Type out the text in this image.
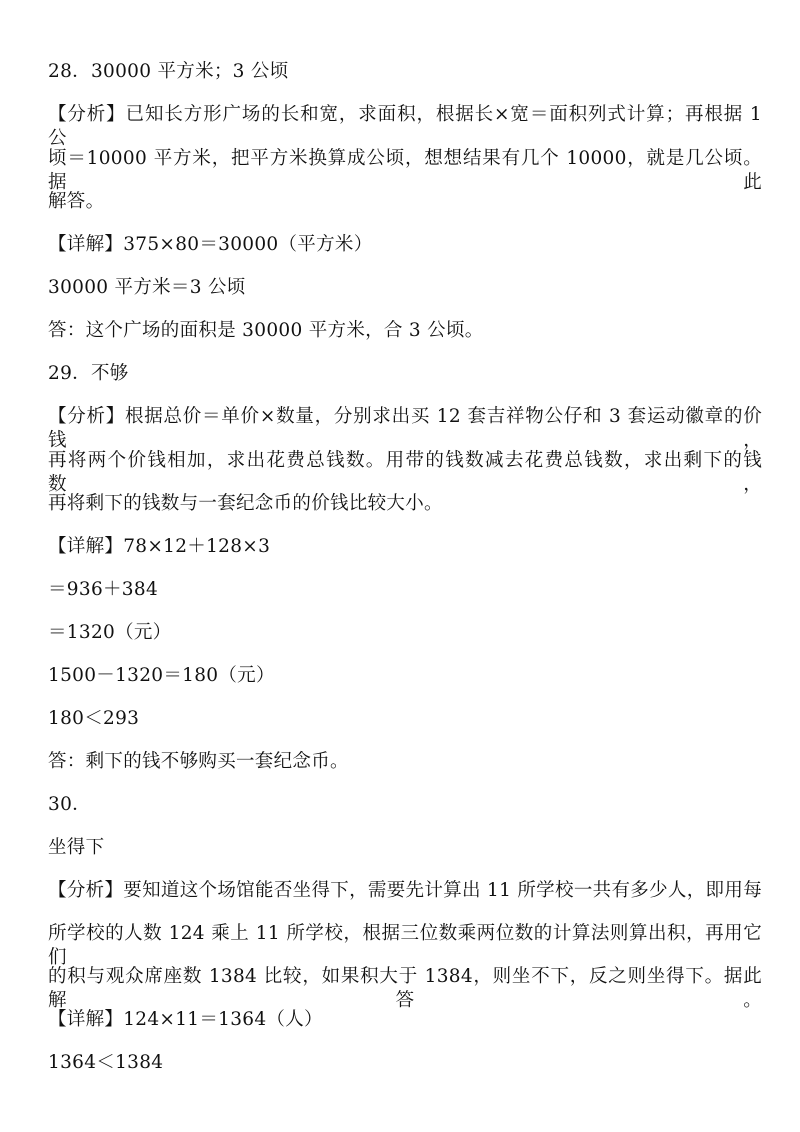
28．30000 平方米；3 公顷
【分析】已知长方形广场的长和宽，求面积，根据长×宽＝面积列式计算；再根据 1 公
顷＝10000 平方米，把平方米换算成公顷，想想结果有几个 10000，就是几公顷。据此
解答。
【详解】375×80＝30000（平方米）
30000 平方米＝3 公顷
答：这个广场的面积是 30000 平方米，合 3 公顷。
29．不够
【分析】根据总价＝单价×数量，分别求出买 12 套吉祥物公仔和 3 套运动徽章的价钱，
再将两个价钱相加，求出花费总钱数。用带的钱数减去花费总钱数，求出剩下的钱数，
再将剩下的钱数与一套纪念币的价钱比较大小。
【详解】78×12＋128×3
＝936＋384
＝1320（元）
1500－1320＝180（元）
180＜293
答：剩下的钱不够购买一套纪念币。
30．
坐得下
【分析】要知道这个场馆能否坐得下，需要先计算出 11 所学校一共有多少人，即用每
所学校的人数 124 乘上 11 所学校，根据三位数乘两位数的计算法则算出积，再用它们
的积与观众席座数 1384 比较，如果积大于 1384，则坐不下，反之则坐得下。据此解答。
【详解】124×11＝1364（人）
1364＜1384
